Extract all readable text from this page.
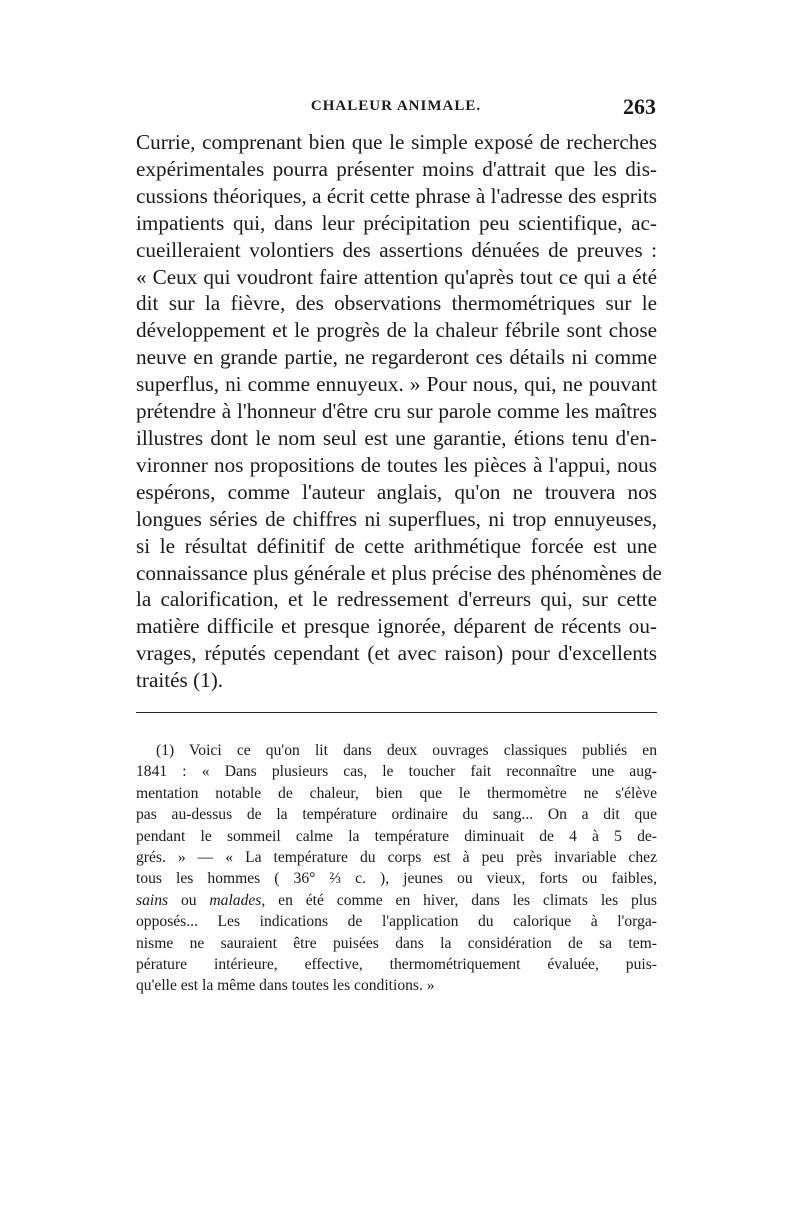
CHALEUR ANIMALE.	263
Currie, comprenant bien que le simple exposé de recherches
expérimentales pourra présenter moins d'attrait que les dis-
cussions théoriques, a écrit cette phrase à l'adresse des esprits
impatients qui, dans leur précipitation peu scientifique, ac-
cueilleraient volontiers des assertions dénuées de preuves :
« Ceux qui voudront faire attention qu'après tout ce qui a été
dit sur la fièvre, des observations thermométriques sur le
développement et le progrès de la chaleur fébrile sont chose
neuve en grande partie, ne regarderont ces détails ni comme
superflus, ni comme ennuyeux. » Pour nous, qui, ne pouvant
prétendre à l'honneur d'être cru sur parole comme les maîtres
illustres dont le nom seul est une garantie, étions tenu d'en-
vironner nos propositions de toutes les pièces à l'appui, nous
espérons, comme l'auteur anglais, qu'on ne trouvera nos
longues séries de chiffres ni superflues, ni trop ennuyeuses,
si le résultat définitif de cette arithmétique forcée est une
connaissance plus générale et plus précise des phénomènes de
la calorification, et le redressement d'erreurs qui, sur cette
matière difficile et presque ignorée, déparent de récents ou-
vrages, réputés cependant (et avec raison) pour d'excellents
traités (1).
(1) Voici ce qu'on lit dans deux ouvrages classiques publiés en
1841 : « Dans plusieurs cas, le toucher fait reconnaître une aug-
mentation notable de chaleur, bien que le thermomètre ne s'élève
pas au-dessus de la température ordinaire du sang... On a dit que
pendant le sommeil calme la température diminuait de 4 à 5 de-
grés. » — « La température du corps est à peu près invariable chez
tous les hommes ( 36° ⅔ c. ), jeunes ou vieux, forts ou faibles,
sains ou malades, en été comme en hiver, dans les climats les plus
opposés... Les indications de l'application du calorique à l'orga-
nisme ne sauraient être puisées dans la considération de sa tem-
pérature intérieure, effective, thermométriquement évaluée, puis-
qu'elle est la même dans toutes les conditions. »
